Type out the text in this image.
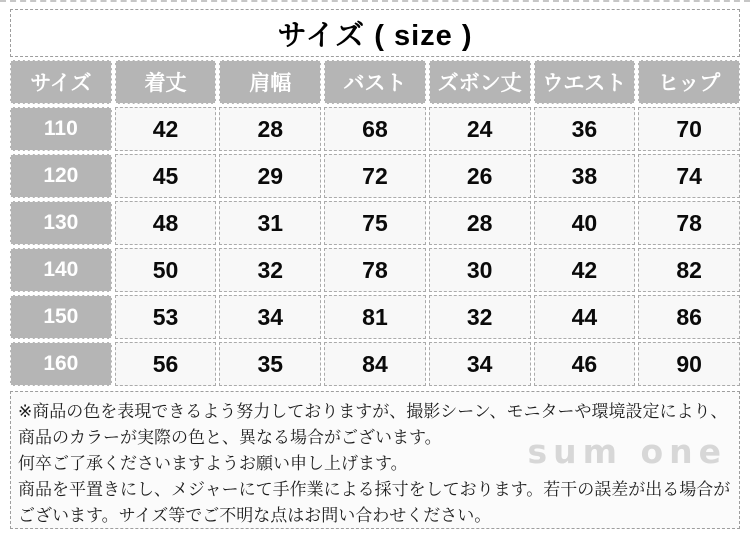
サイズ ( size )
サイズ	着丈	肩幅	バスト	ズボン丈	ウエスト	ヒップ
110	42	28	68	24	36	70
120	45	29	72	26	38	74
130	48	31	75	28	40	78
140	50	32	78	30	42	82
150	53	34	81	32	44	86
160	56	35	84	34	46	90
sum one
※商品の色を表現できるよう努力しておりますが、撮影シーン、モニターや環境設定により、
商品のカラーが実際の色と、異なる場合がございます。
何卒ご了承くださいますようお願い申し上げます。
商品を平置きにし、メジャーにて手作業による採寸をしております。若干の誤差が出る場合が
ございます。サイズ等でご不明な点はお問い合わせください。
